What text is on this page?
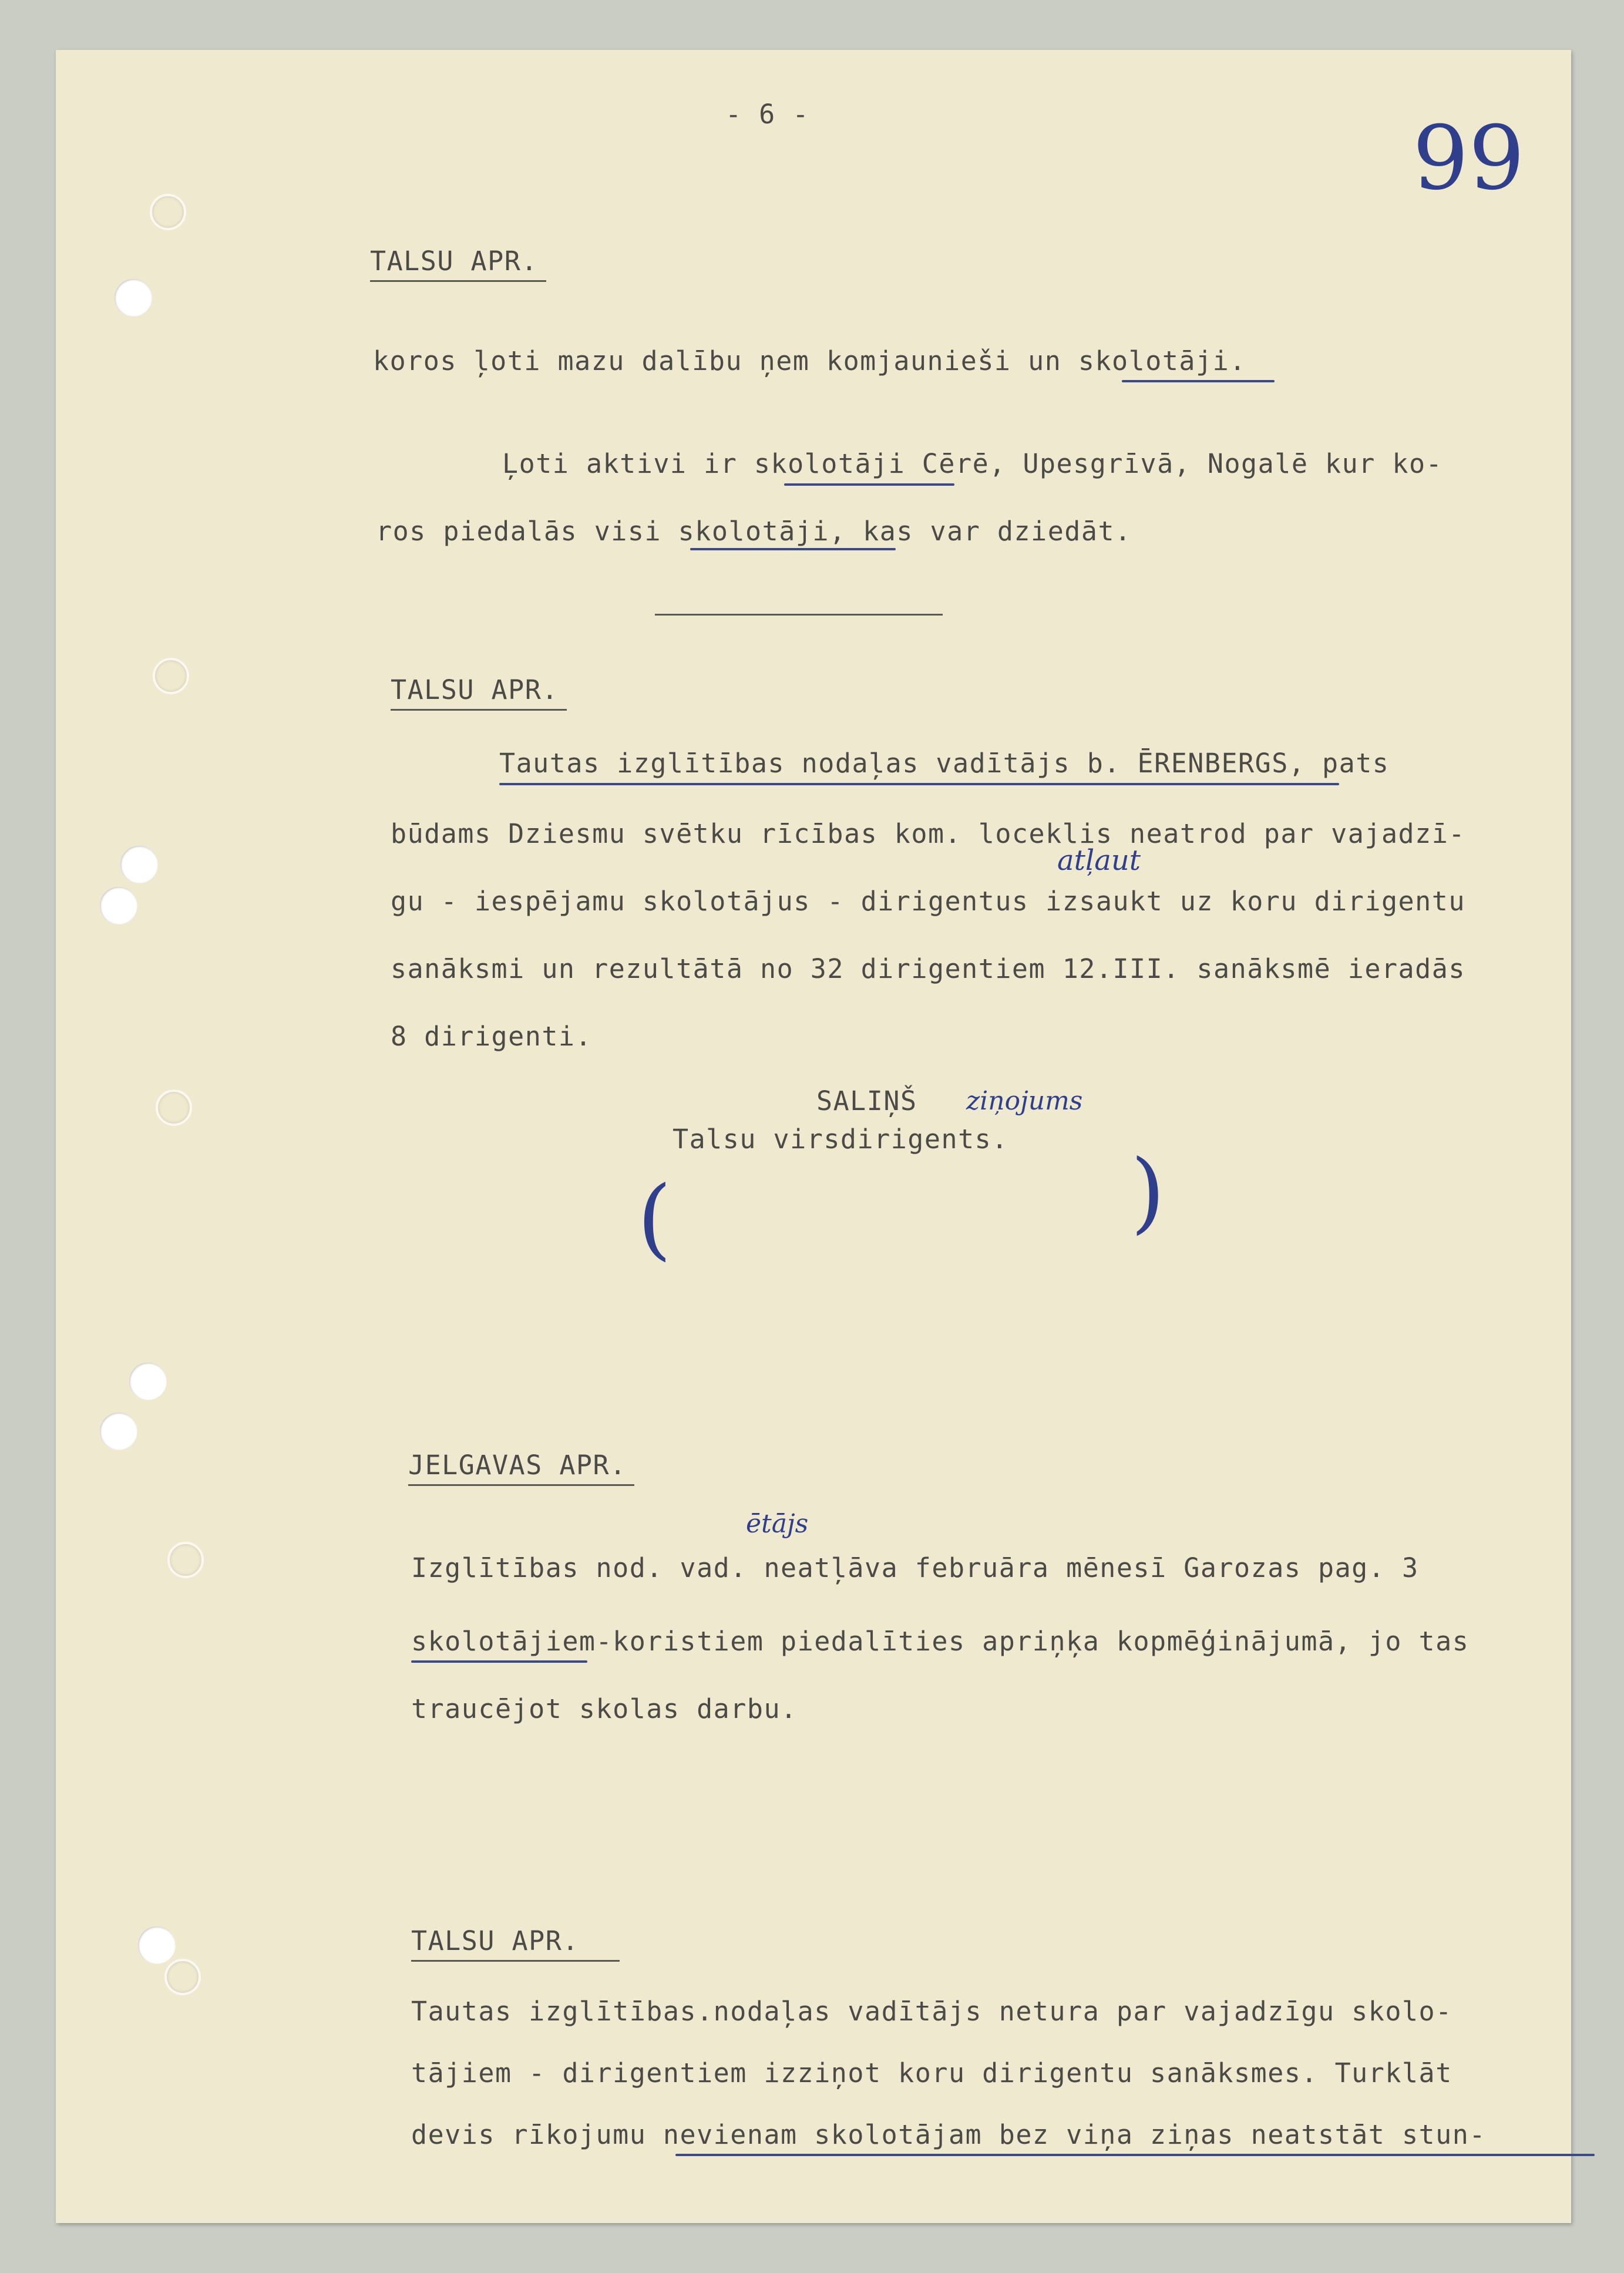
- 6 -	99

TALSU APR.

koros ļoti mazu dalību ņem komjaunieši un skolotāji.

Ļoti aktivi ir skolotāji Cērē, Upesgrīvā, Nogalē kur ko-

ros piedalās visi skolotāji, kas var dziedāt.

TALSU APR.

Tautas izglītības nodaļas vadītājs b. ĒRENBERGS, pats

būdams Dziesmu svētku rīcības kom. loceklis neatrod par vajadzī-

gu - iespējamu skolotājus - dirigentus izsaukt uz koru dirigentu

atļaut

sanāksmi un rezultātā no 32 dirigentiem 12.III. sanāksmē ieradās

8 dirigenti.

(

SALIŅŠ ziņojums

)

Talsu virsdirigents.

JELGAVAS APR.

ētājs

Izglītības nod. vad. neatļāva februāra mēnesī Garozas pag. 3

skolotājiem-koristiem piedalīties apriņķa kopmēģinājumā, jo tas

traucējot skolas darbu.

TALSU APR.

Tautas izglītības.nodaļas vadītājs netura par vajadzīgu skolo-

tājiem - dirigentiem izziņot koru dirigentu sanāksmes. Turklāt

devis rīkojumu nevienam skolotājam bez viņa ziņas neatstāt stun-
